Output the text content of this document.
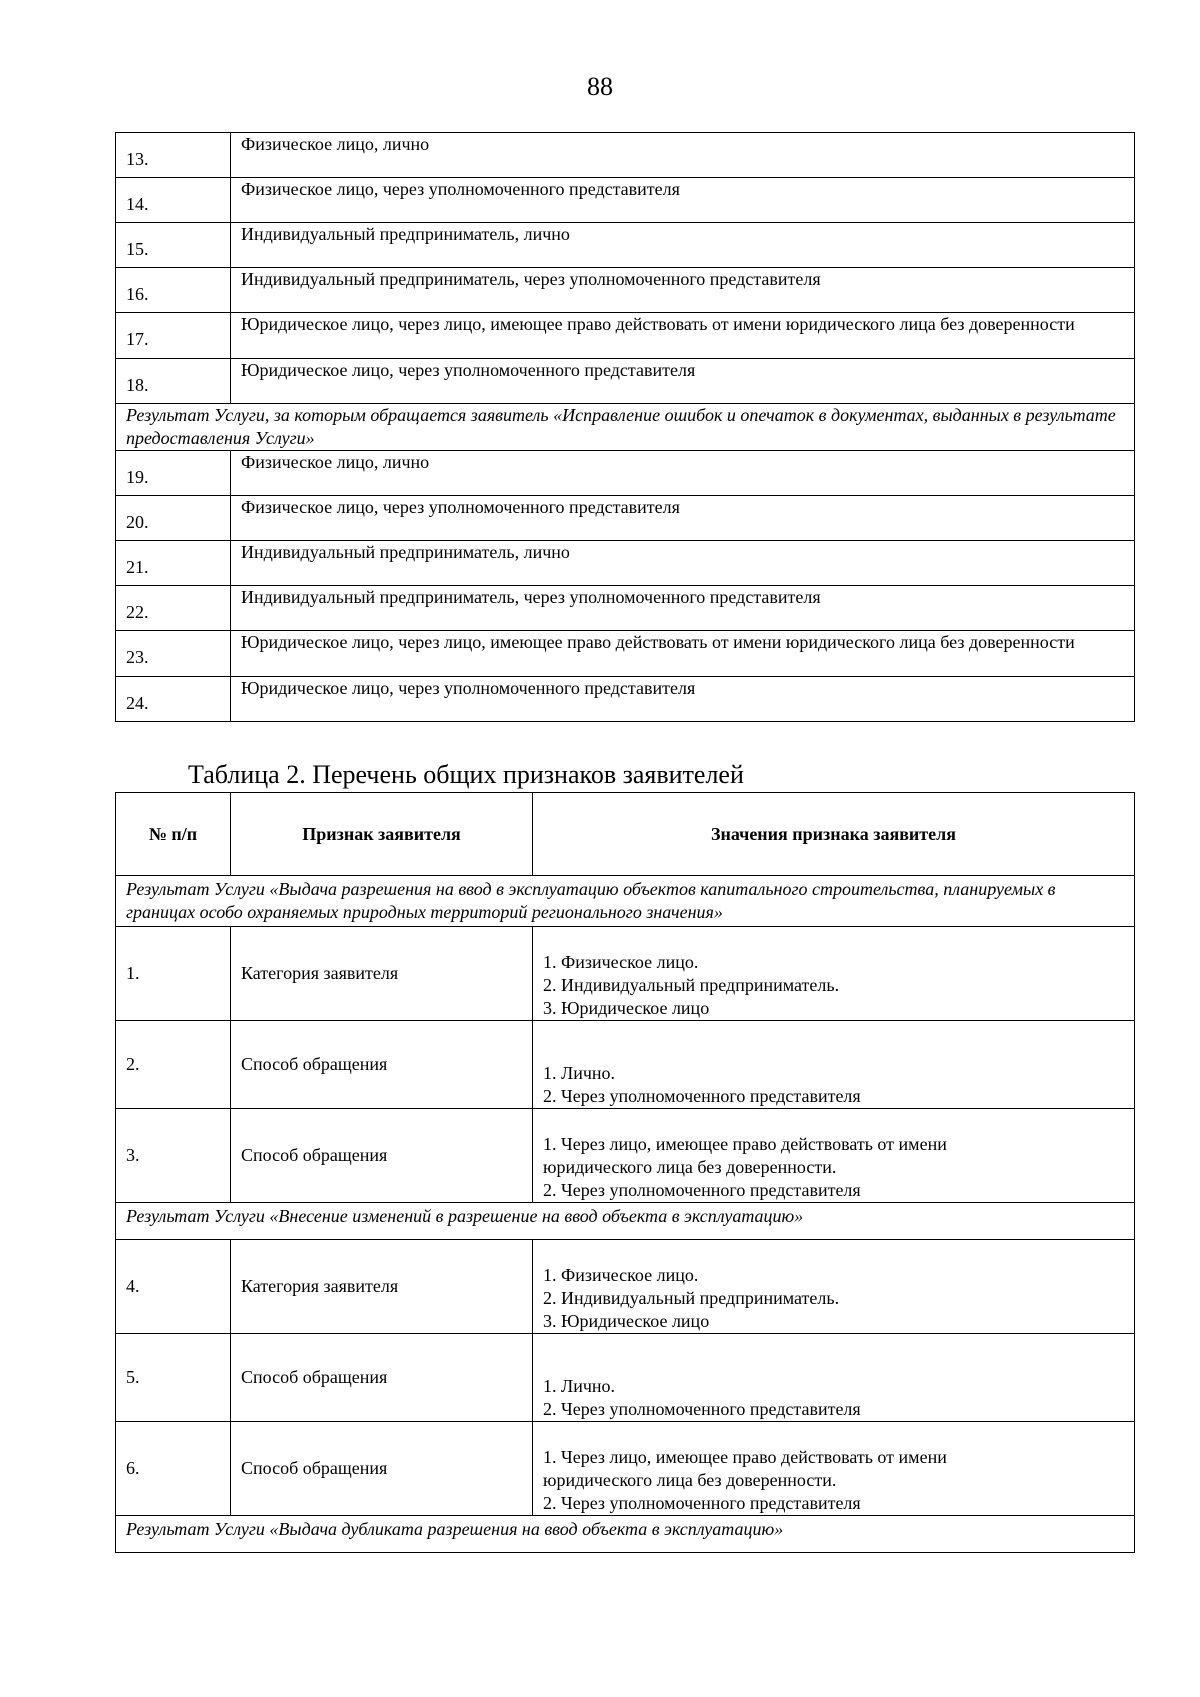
88
13.	Физическое лицо, лично
14.	Физическое лицо, через уполномоченного представителя
15.	Индивидуальный предприниматель, лично
16.	Индивидуальный предприниматель, через уполномоченного представителя
17.	Юридическое лицо, через лицо, имеющее право действовать от имени юридического лица без доверенности
18.	Юридическое лицо, через уполномоченного представителя
Результат Услуги, за которым обращается заявитель «Исправление ошибок и опечаток в документах, выданных в результате предоставления Услуги»	
19.	Физическое лицо, лично
20.	Физическое лицо, через уполномоченного представителя
21.	Индивидуальный предприниматель, лично
22.	Индивидуальный предприниматель, через уполномоченного представителя
23.	Юридическое лицо, через лицо, имеющее право действовать от имени юридического лица без доверенности
24.	Юридическое лицо, через уполномоченного представителя
Таблица 2. Перечень общих признаков заявителей
№ п/п	Признак заявителя	Значения признака заявителя
Результат Услуги «Выдача разрешения на ввод в эксплуатацию объектов капитального строительства, планируемых в границах особо охраняемых природных территорий регионального значения»		
1.	Категория заявителя	1. Физическое лицо.
2. Индивидуальный предприниматель.
3. Юридическое лицо

2.	Способ обращения	1. Лично.
2. Через уполномоченного представителя

3.	Способ обращения	1. Через лицо, имеющее право действовать от имени
юридического лица без доверенности.
2. Через уполномоченного представителя

Результат Услуги «Внесение изменений в разрешение на ввод объекта в эксплуатацию»		
4.	Категория заявителя	1. Физическое лицо.
2. Индивидуальный предприниматель.
3. Юридическое лицо

5.	Способ обращения	1. Лично.
2. Через уполномоченного представителя

6.	Способ обращения	1. Через лицо, имеющее право действовать от имени
юридического лица без доверенности.
2. Через уполномоченного представителя

Результат Услуги «Выдача дубликата разрешения на ввод объекта в эксплуатацию»		
